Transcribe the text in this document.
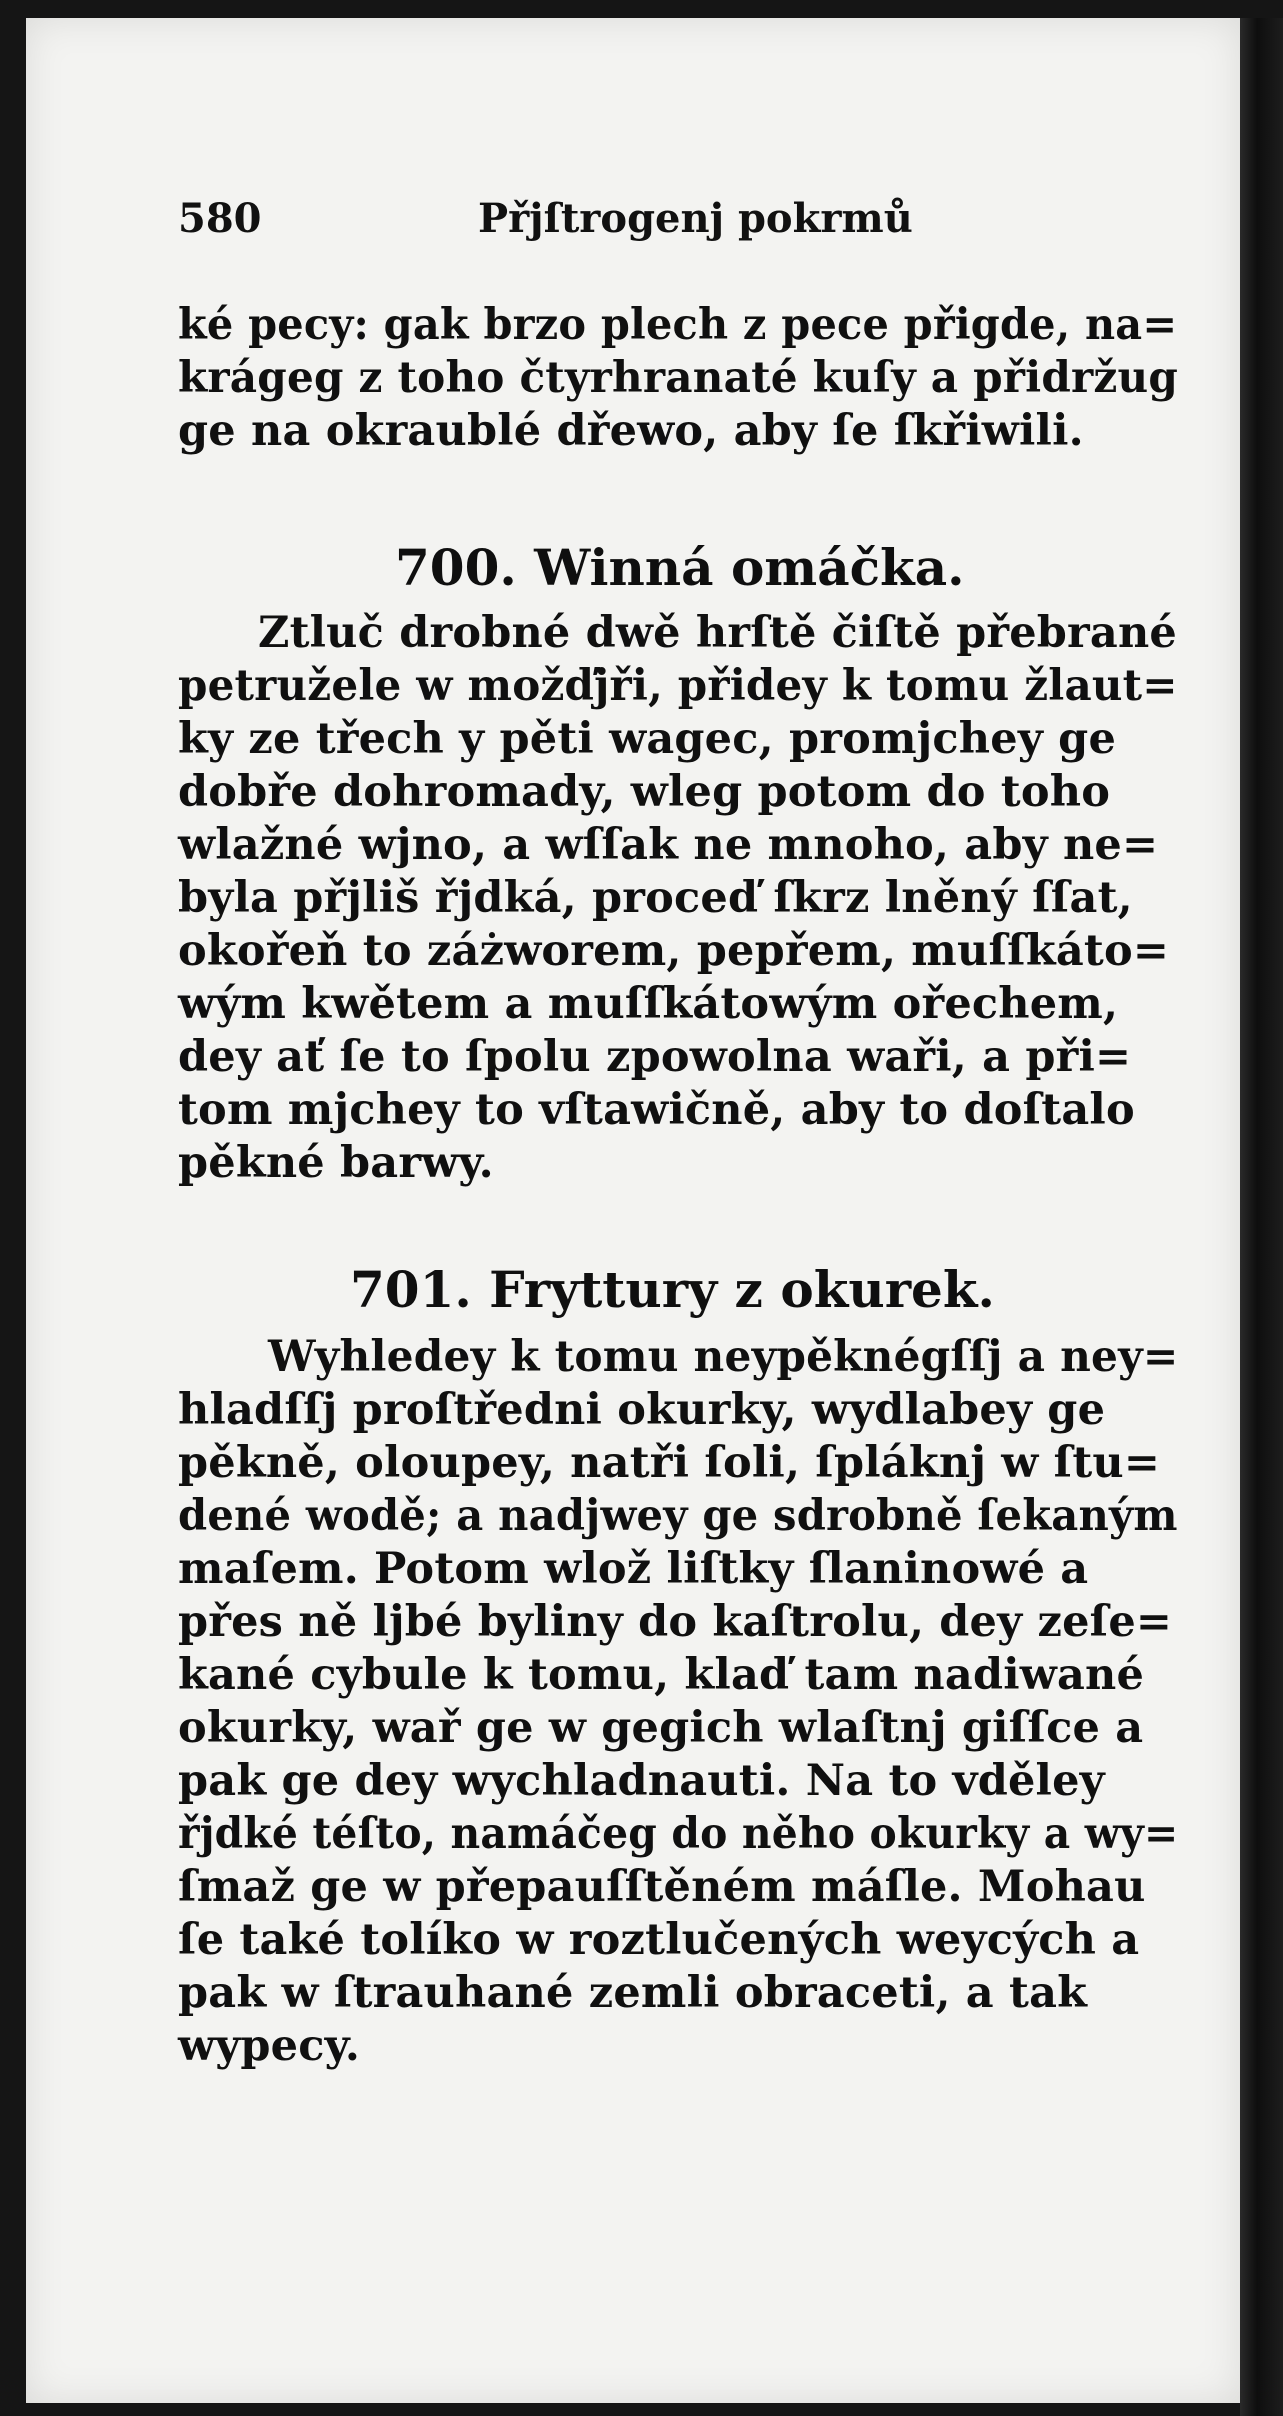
580	Přjſtrogenj pokrmů
ké pecy: gak brzo plech z pece přigde, na=
krágeg z toho čtyrhranaté kuſy a přidržug
ge na okraublé dřewo, aby ſe ſkřiwili.
700. Winná omáčka.
Ztluč drobné dwě hrſtě čiſtě přebrané
petružele w možďjři, přidey k tomu žlaut=
ky ze třech y pěti wagec, promjchey ge
dobře dohromady, wleg potom do toho
wlažné wjno, a wſſak ne mnoho, aby ne=
byla přjliš řjdká, proceď ſkrz lněný ſſat,
okořeň to záżworem, pepřem, muſſkáto=
wým kwětem a muſſkátowým ořechem,
dey ať ſe to ſpolu zpowolna waři, a při=
tom mjchey to vſtawičně, aby to doſtalo
pěkné barwy.
701. Fryttury z okurek.
Wyhledey k tomu neypěknégſſj a ney=
hladſſj proſtředni okurky, wydlabey ge
pěkně, oloupey, natři ſoli, ſpláknj w ſtu=
dené wodě; a nadjwey ge sdrobně ſekaným
maſem. Potom wlož liſtky ſlaninowé a
přes ně ljbé byliny do kaſtrolu, dey zeſe=
kané cybule k tomu, klaď tam nadiwané
okurky, wař ge w gegich wlaſtnj giſſce a
pak ge dey wychladnauti. Na to vděley
řjdké téſto, namáčeg do něho okurky a wy=
ſmaž ge w přepauſſtěném máſle. Mohau
ſe také tolíko w roztlučených weycých a
pak w ſtrauhané zemli obraceti, a tak
wypecy.
